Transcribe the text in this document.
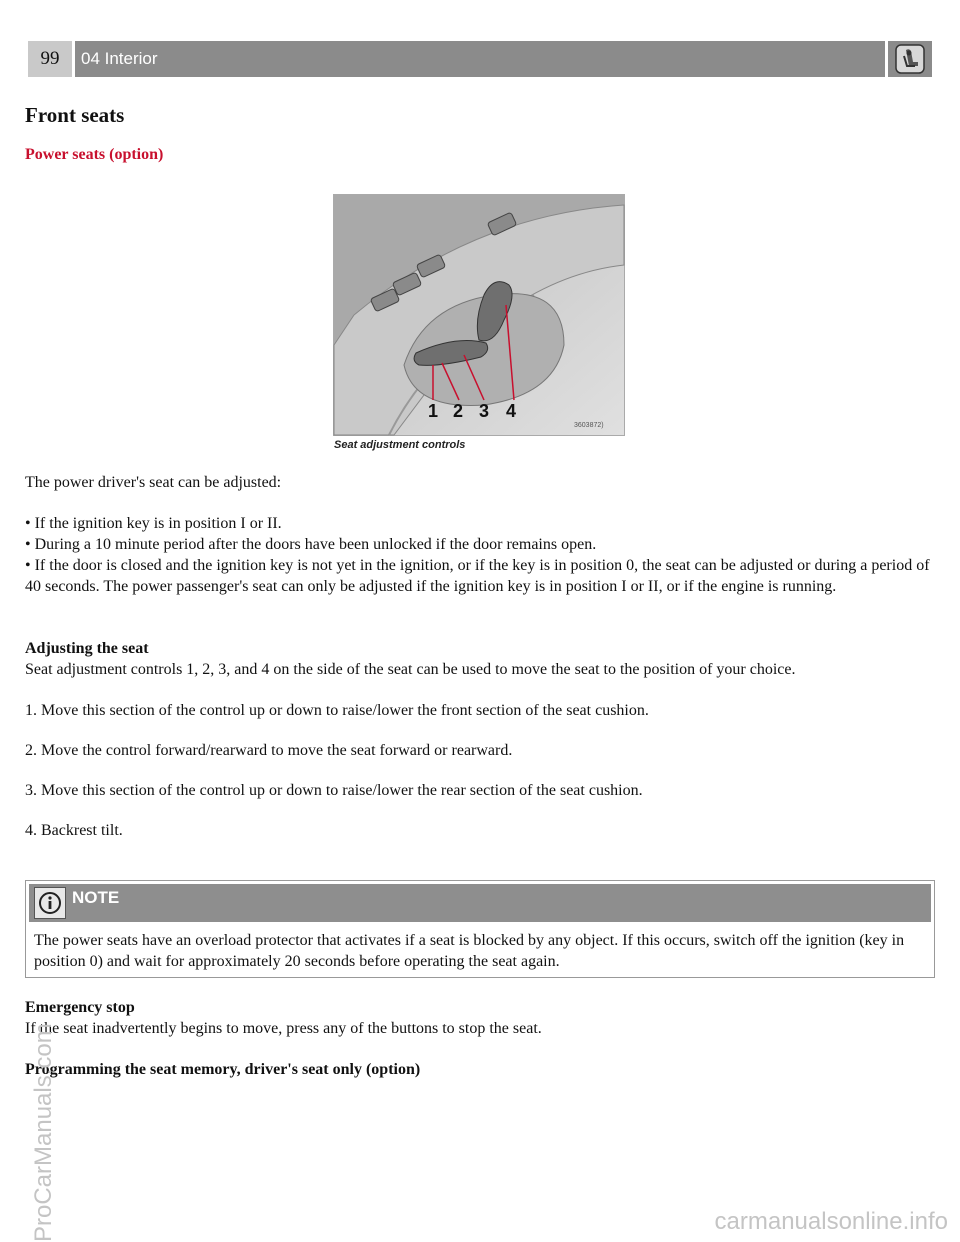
99	04 Interior
Front seats
Power seats (option)
1 2 3 4
3603872)
Seat adjustment controls

The power driver's seat can be adjusted:

• If the ignition key is in position I or II.

• During a 10 minute period after the doors have been unlocked if the door remains open.

• If the door is closed and the ignition key is not yet in the ignition, or if the key is in position 0, the seat can be adjusted or during a period of 40 seconds. The power passenger's seat can only be adjusted if the ignition key is in position I or II, or if the engine is running.

Adjusting the seat

Seat adjustment controls 1, 2, 3, and 4 on the side of the seat can be used to move the seat to the position of your choice.

1. Move this section of the control up or down to raise/lower the front section of the seat cushion.

2. Move the control forward/rearward to move the seat forward or rearward.

3. Move this section of the control up or down to raise/lower the rear section of the seat cushion.

4. Backrest tilt.

NOTE
The power seats have an overload protector that activates if a seat is blocked by any object. If this occurs, switch off the ignition (key in position 0) and wait for approximately 20 seconds before operating the seat again.

Emergency stop

If the seat inadvertently begins to move, press any of the buttons to stop the seat.

Programming the seat memory, driver's seat only (option)

ProCarManuals.com	carmanualsonline.info
